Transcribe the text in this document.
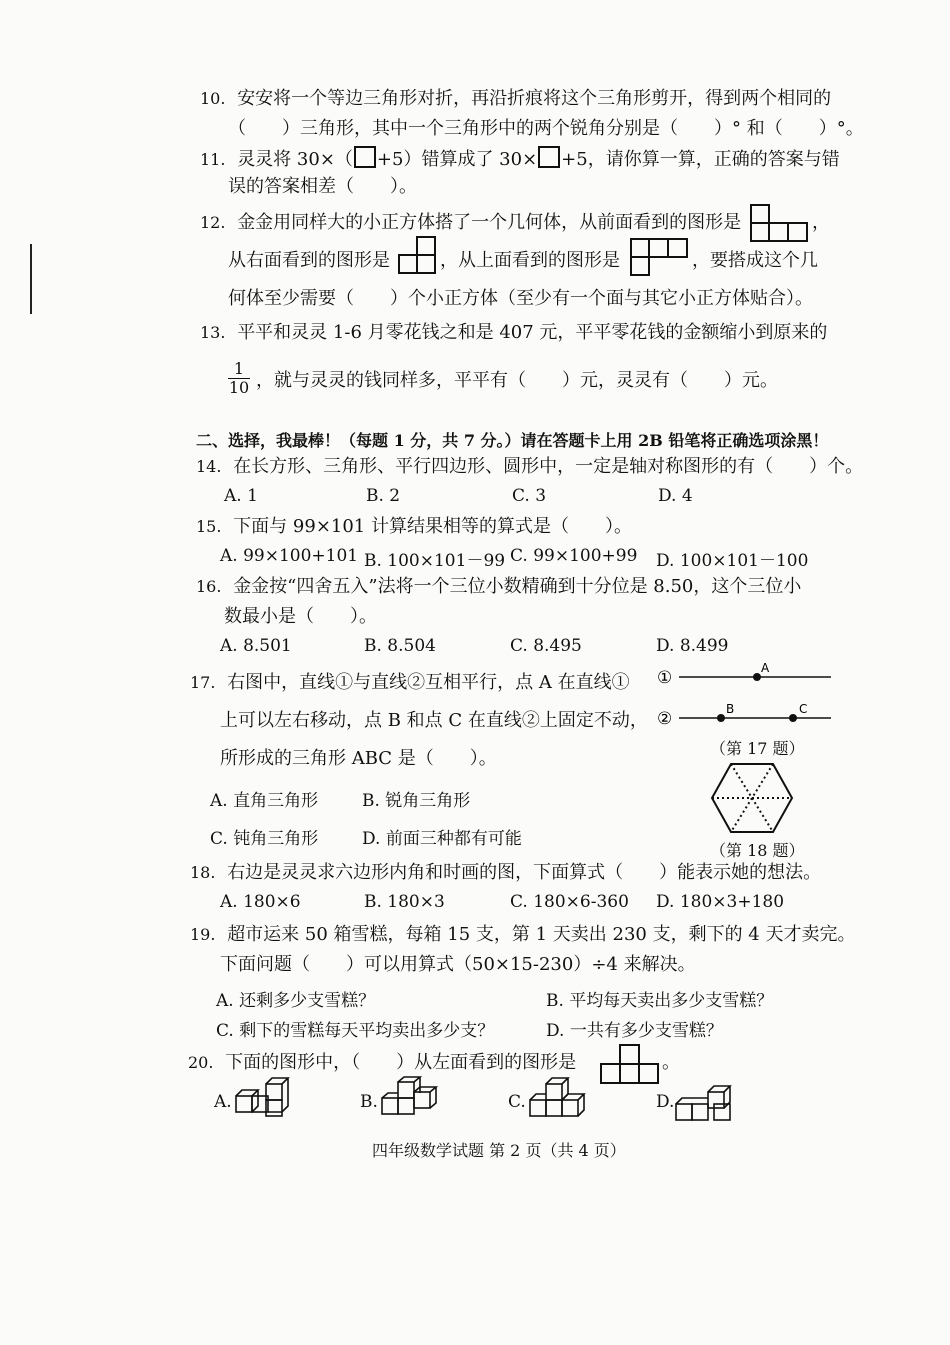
10. 安安将一个等边三角形对折，再沿折痕将这个三角形剪开，得到两个相同的
（　　）三角形，其中一个三角形中的两个锐角分别是（　　）° 和（　　）°。
11. 灵灵将 30×（ +5）错算成了 30× +5，请你算一算，正确的答案与错
误的答案相差（　　）。
12. 金金用同样大的小正方体搭了一个几何体，从前面看到的图形是	，
从右面看到的图形是	，从上面看到的图形是	，要搭成这个几
何体至少需要（　　）个小正方体（至少有一个面与其它小正方体贴合）。
13. 平平和灵灵 1-6 月零花钱之和是 407 元，平平零花钱的金额缩小到原来的
1
10 ，就与灵灵的钱同样多，平平有（　　）元，灵灵有（　　）元。
二、选择，我最棒！（每题 1 分，共 7 分。）请在答题卡上用 2B 铅笔将正确选项涂黑！
14. 在长方形、三角形、平行四边形、圆形中，一定是轴对称图形的有（　　）个。
A. 1	B. 2	C. 3	D. 4
15. 下面与 99×101 计算结果相等的算式是（　　）。
A. 99×100+101 B. 100×101－99 C. 99×100+99 D. 100×101－100
16. 金金按“四舍五入”法将一个三位小数精确到十分位是 8.50，这个三位小
数最小是（　　）。
A. 8.501	B. 8.504	C. 8.495	D. 8.499
17. 右图中，直线①与直线②互相平行，点 A 在直线①
上可以左右移动，点 B 和点 C 在直线②上固定不动，
所形成的三角形 ABC 是（　　）。
①	A
②	B	C
（第 17 题）
A. 直角三角形	B. 锐角三角形
C. 钝角三角形	D. 前面三种都有可能
（第 18 题）
18. 右边是灵灵求六边形内角和时画的图，下面算式（　　）能表示她的想法。
A. 180×6	B. 180×3	C. 180×6-360 D. 180×3+180
19. 超市运来 50 箱雪糕，每箱 15 支，第 1 天卖出 230 支，剩下的 4 天才卖完。
下面问题（　　）可以用算式（50×15-230）÷4 来解决。
A. 还剩多少支雪糕？	B. 平均每天卖出多少支雪糕？
C. 剩下的雪糕每天平均卖出多少支？	D. 一共有多少支雪糕？
20. 下面的图形中，（　　）从左面看到的图形是	。
A.	B.	C.	D.
四年级数学试题 第 2 页（共 4 页）
